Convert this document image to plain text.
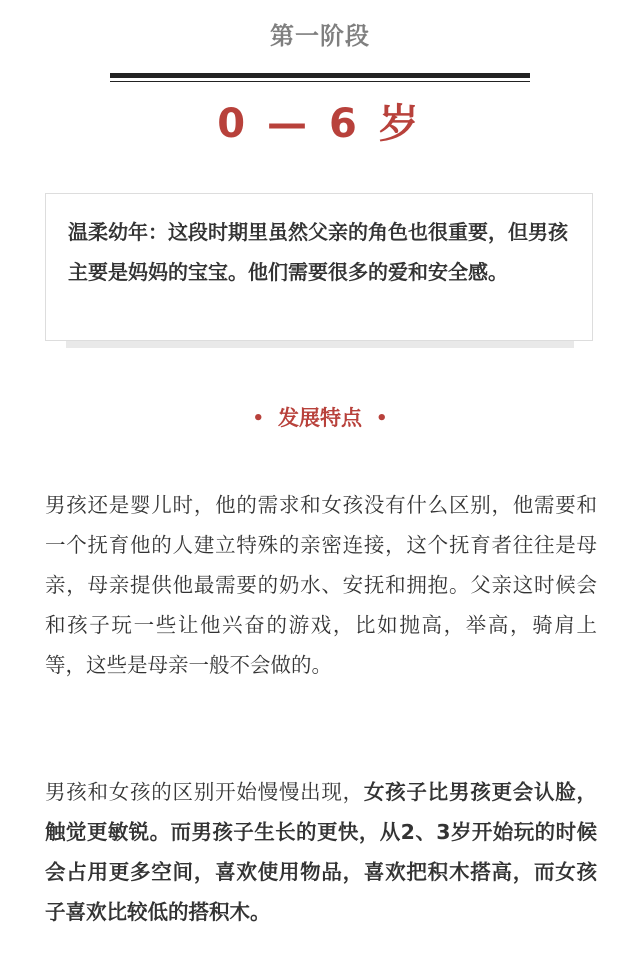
第一阶段
0 — 6 岁

温柔幼年：这段时期里虽然父亲的角色也很重要，但男孩主要是妈妈的宝宝。他们需要很多的爱和安全感。

• 发展特点 •

男孩还是婴儿时，他的需求和女孩没有什么区别，他需要和一个抚育他的人建立特殊的亲密连接，这个抚育者往往是母亲，母亲提供他最需要的奶水、安抚和拥抱。父亲这时候会和孩子玩一些让他兴奋的游戏，比如抛高，举高，骑肩上等，这些是母亲一般不会做的。

男孩和女孩的区别开始慢慢出现，女孩子比男孩更会认脸，触觉更敏锐。而男孩子生长的更快，从2、3岁开始玩的时候会占用更多空间，喜欢使用物品，喜欢把积木搭高，而女孩子喜欢比较低的搭积木。
